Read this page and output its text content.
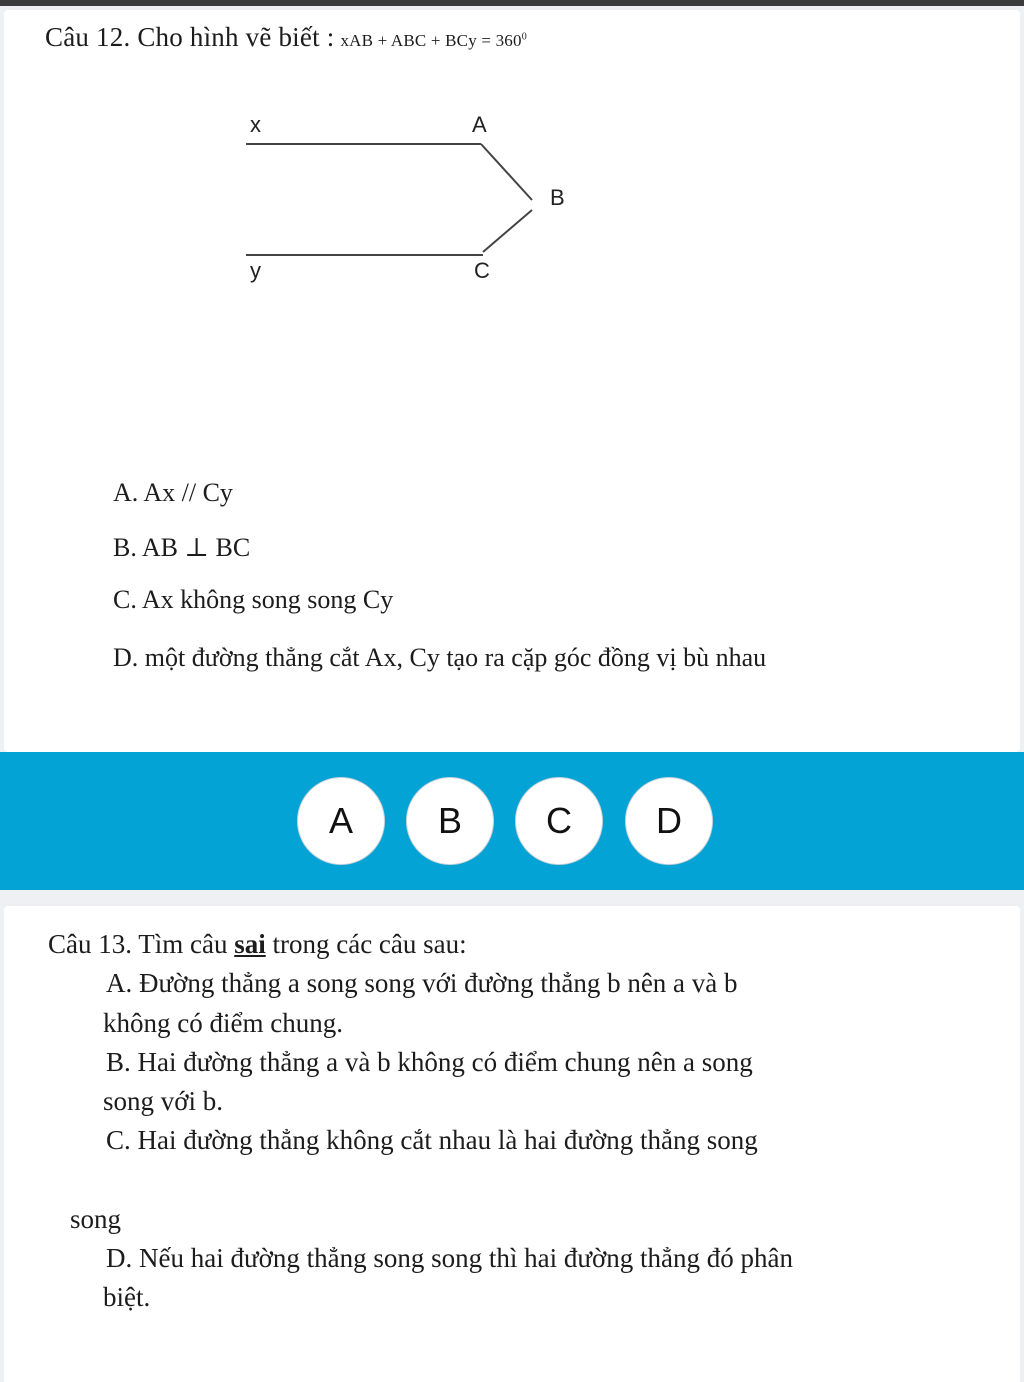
Câu 12. Cho hình vẽ biết : xAB + ABC + BCy = $360^0$
x	A
B
y	C
A. Ax // Cy
B. AB ⊥ BC
C. Ax không song song Cy
D. một đường thẳng cắt Ax, Cy tạo ra cặp góc đồng vị bù nhau
A	B	C	D
Câu 13. Tìm câu sai trong các câu sau:
A. Đường thẳng a song song với đường thẳng b nên a và b
không có điểm chung.
B. Hai đường thẳng a và b không có điểm chung nên a song
song với b.
C. Hai đường thẳng không cắt nhau là hai đường thẳng song
song
D. Nếu hai đường thẳng song song thì hai đường thẳng đó phân
biệt.
